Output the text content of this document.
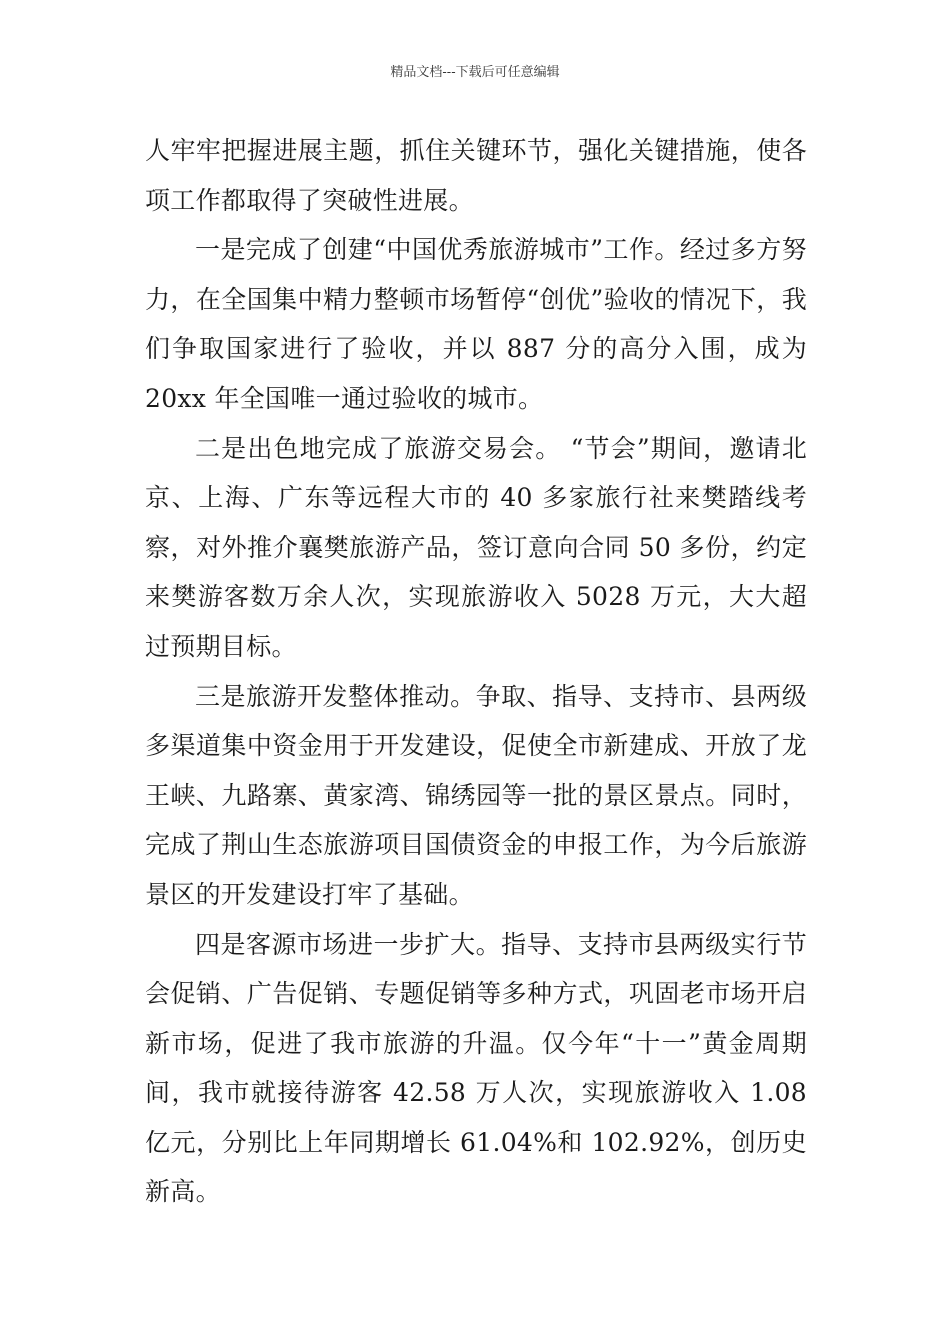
精品文档---下载后可任意编辑

人牢牢把握进展主题，抓住关键环节，强化关键措施，使各项工作都取得了突破性进展。

一是完成了创建“中国优秀旅游城市”工作。经过多方努力，在全国集中精力整顿市场暂停“创优”验收的情况下，我们争取国家进行了验收，并以 887 分的高分入围，成为 20xx 年全国唯一通过验收的城市。

二是出色地完成了旅游交易会。 “节会”期间，邀请北京、上海、广东等远程大市的 40 多家旅行社来樊踏线考察，对外推介襄樊旅游产品，签订意向合同 50 多份，约定来樊游客数万余人次，实现旅游收入 5028 万元，大大超过预期目标。

三是旅游开发整体推动。争取、指导、支持市、县两级多渠道集中资金用于开发建设，促使全市新建成、开放了龙王峡、九路寨、黄家湾、锦绣园等一批的景区景点。同时，完成了荆山生态旅游项目国债资金的申报工作，为今后旅游景区的开发建设打牢了基础。

四是客源市场进一步扩大。指导、支持市县两级实行节会促销、广告促销、专题促销等多种方式，巩固老市场开启新市场，促进了我市旅游的升温。仅今年“十一”黄金周期间，我市就接待游客 42.58 万人次，实现旅游收入 1.08 亿元，分别比上年同期增长 61.04%和 102.92%，创历史新高。
